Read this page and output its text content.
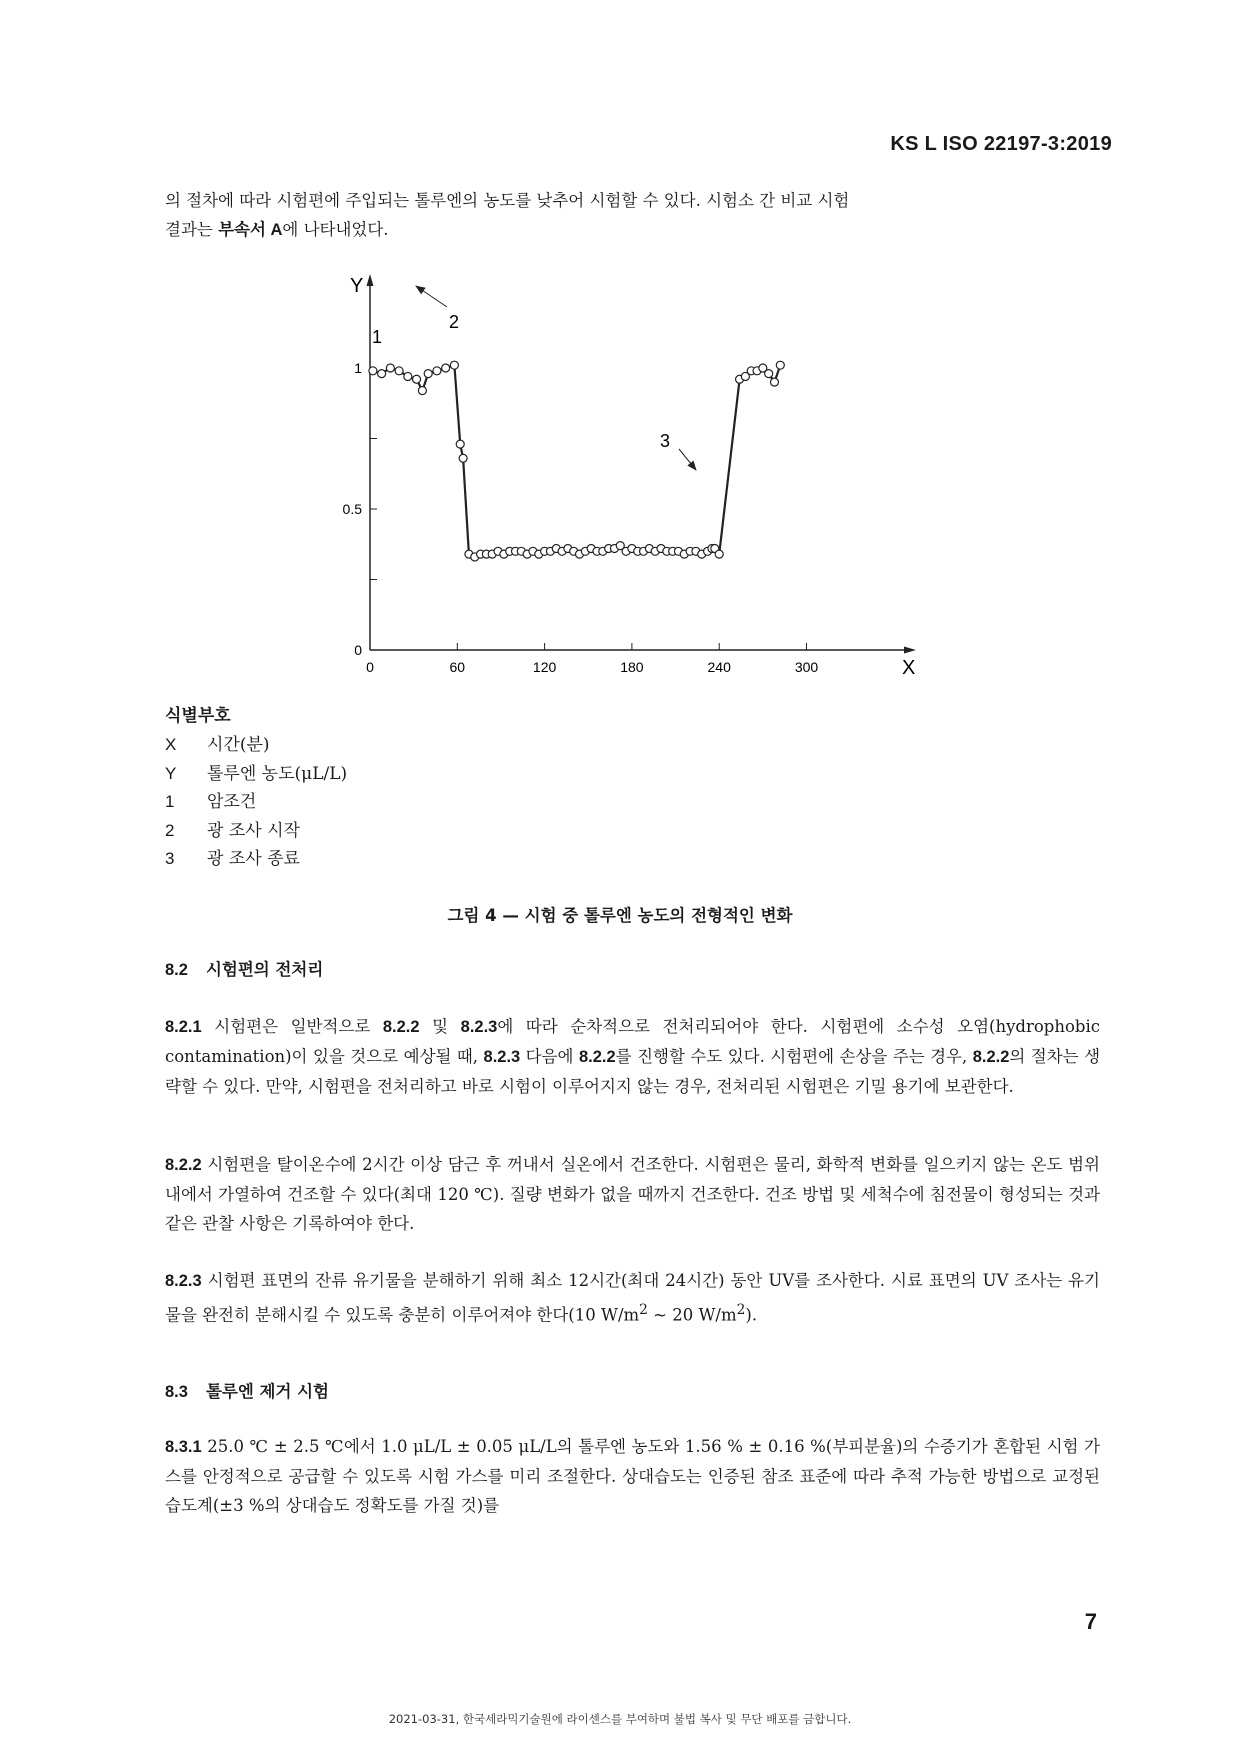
KS L ISO 22197-3:2019
의 절차에 따라 시험편에 주입되는 톨루엔의 농도를 낮추어 시험할 수 있다. 시험소 간 비교 시험
결과는 부속서 A에 나타내었다.
Y
X
0
0.5
1
0	60	120	180	240	300
1
2
3
식별부호
X	시간(분)
Y	톨루엔 농도(μL/L)
1	암조건
2	광 조사 시작
3	광 조사 종료
그림 4 — 시험 중 톨루엔 농도의 전형적인 변화
8.2 시험편의 전처리
8.2.1 시험편은 일반적으로 8.2.2 및 8.2.3에 따라 순차적으로 전처리되어야 한다. 시험편에 소수성 오염(hydrophobic contamination)이 있을 것으로 예상될 때, 8.2.3 다음에 8.2.2를 진행할 수도 있다. 시험편에 손상을 주는 경우, 8.2.2의 절차는 생략할 수 있다. 만약, 시험편을 전처리하고 바로 시험이 이루어지지 않는 경우, 전처리된 시험편은 기밀 용기에 보관한다.
8.2.2 시험편을 탈이온수에 2시간 이상 담근 후 꺼내서 실온에서 건조한다. 시험편은 물리, 화학적 변화를 일으키지 않는 온도 범위 내에서 가열하여 건조할 수 있다(최대 120 ℃). 질량 변화가 없을 때까지 건조한다. 건조 방법 및 세척수에 침전물이 형성되는 것과 같은 관찰 사항은 기록하여야 한다.
8.2.3 시험편 표면의 잔류 유기물을 분해하기 위해 최소 12시간(최대 24시간) 동안 UV를 조사한다. 시료 표면의 UV 조사는 유기물을 완전히 분해시킬 수 있도록 충분히 이루어져야 한다(10 $W/m^2$ ~ 20 $W/m^2$).
8.3 톨루엔 제거 시험
8.3.1 25.0 ℃ ± 2.5 ℃에서 1.0 μL/L ± 0.05 μL/L의 톨루엔 농도와 1.56 % ± 0.16 %(부피분율)의 수증기가 혼합된 시험 가스를 안정적으로 공급할 수 있도록 시험 가스를 미리 조절한다. 상대습도는 인증된 참조 표준에 따라 추적 가능한 방법으로 교정된 습도계(±3 %의 상대습도 정확도를 가질 것)를
7
2021-03-31, 한국세라믹기술원에 라이센스를 부여하며 불법 복사 및 무단 배포를 금합니다.
